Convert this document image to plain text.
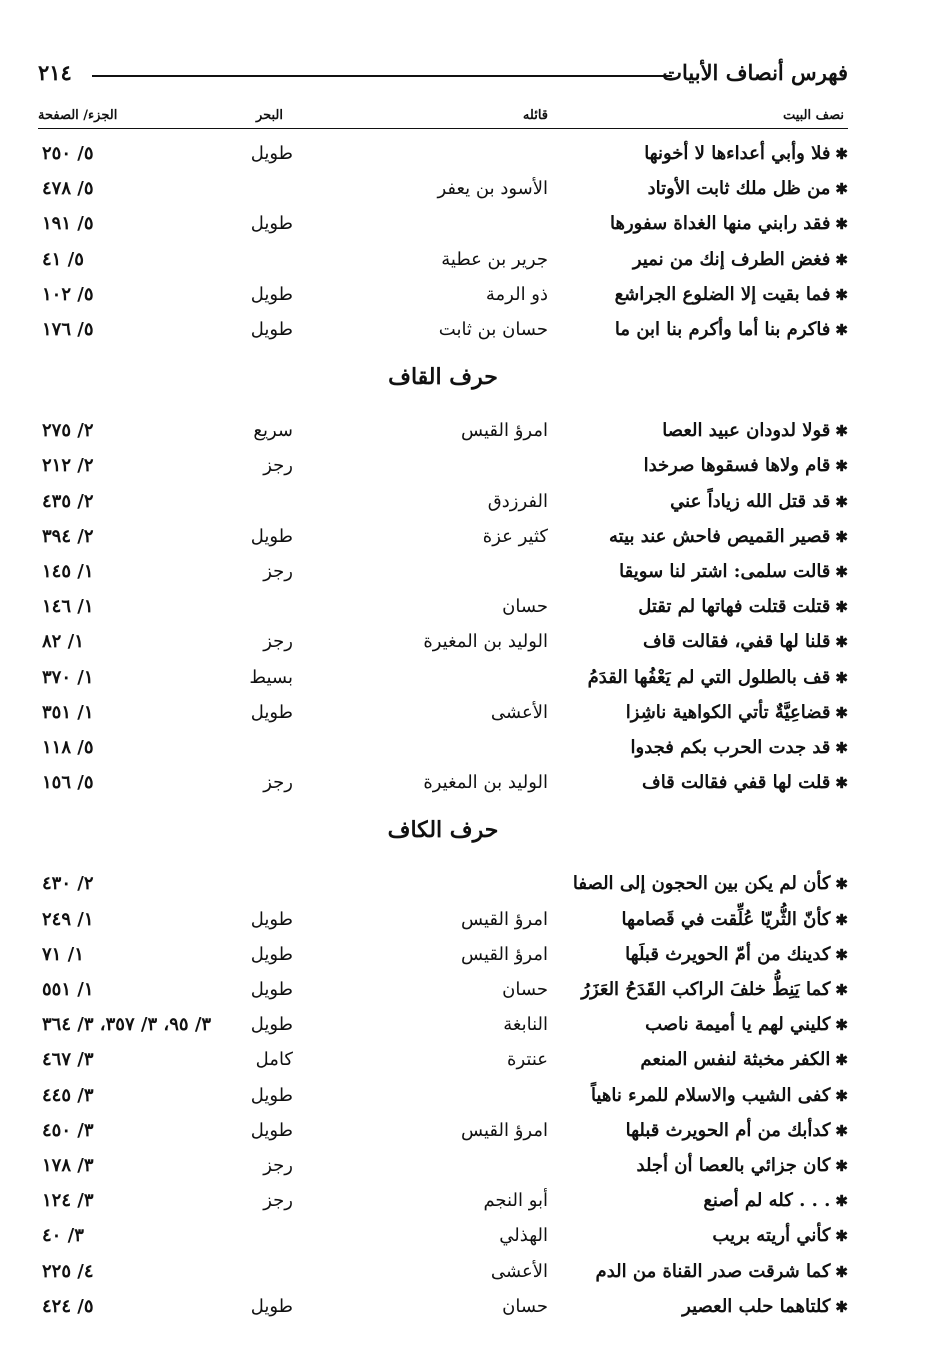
فهرس أنصاف الأبيات
٢١٤
نصف البيت
قائله
البحر
الجزء/ الصفحة
✱فلا وأبي أعداءها لا أخونها
طويل
٥/ ٢٥٠
✱من ظل ملك ثابت الأوتاد
الأسود بن يعفر
٥/ ٤٧٨
✱فقد رابني منها الغداة سفورها
طويل
٥/ ١٩١
✱فغض الطرف إنك من نمير
جرير بن عطية
٥/ ٤١
✱فما بقيت إلا الضلوع الجراشع
ذو الرمة
طويل
٥/ ١٠٢
✱فاكرم بنا أما وأكرم بنا ابن ما
حسان بن ثابت
طويل
٥/ ١٧٦
حرف القاف
✱قولا لدودان عبيد العصا
امرؤ القيس
سريع
٢/ ٢٧٥
✱قام ولاها فسقوها صرخدا
رجز
٢/ ٢١٢
✱قد قتل الله زياداً عني
الفرزدق
٢/ ٤٣٥
✱قصير القميص فاحش عند بيته
كثير عزة
طويل
٢/ ٣٩٤
✱قالت سلمى: اشتر لنا سويقا
رجز
١/ ١٤٥
✱قتلت قتلت فهاتها لم تقتل
حسان
١/ ١٤٦
✱قلنا لها قفي، فقالت قاف
الوليد بن المغيرة
رجز
١/ ٨٢
✱قف بالطلول التي لم يَعْفُها القدَمُ
بسيط
١/ ٣٧٠
✱قضاعِيَّةٌ تأتي الكواهية ناشِزا
الأعشى
طويل
١/ ٣٥١
✱قد جدت الحرب بكم فجدوا
٥/ ١١٨
✱قلت لها قفي فقالت قاف
الوليد بن المغيرة
رجز
٥/ ١٥٦
حرف الكاف
✱كأن لم يكن بين الحجون إلى الصفا
٢/ ٤٣٠
✱كأنّ الثُّريّا عُلِّقت في قَصامها
امرؤ القيس
طويل
١/ ٢٤٩
✱كدينك من أمّ الحويرث قبلَها
امرؤ القيس
طويل
١/ ٧١
✱كما يَنِطُّ خلفَ الراكب القَدَحُ العَزَرُ
حسان
طويل
١/ ٥٥١
✱كليني لهم يا أميمة ناصب
النابغة
طويل
٣/ ٩٥، ٣/ ٣٥٧، ٣/ ٣٦٤
✱الكفر مخبثة لنفس المنعم
عنترة
كامل
٣/ ٤٦٧
✱كفى الشيب والاسلام للمرء ناهياً
طويل
٣/ ٤٤٥
✱كدأبك من أم الحويرث قبلها
امرؤ القيس
طويل
٣/ ٤٥٠
✱كان جزائي بالعصا أن أجلد
رجز
٣/ ١٧٨
✱. . . كله لم أصنع
أبو النجم
رجز
٣/ ١٢٤
✱كأني أريته بريب
الهذلي
٣/ ٤٠
✱كما شرقت صدر القناة من الدم
الأعشى
٤/ ٢٢٥
✱كلتاهما حلب العصير
حسان
طويل
٥/ ٤٢٤
